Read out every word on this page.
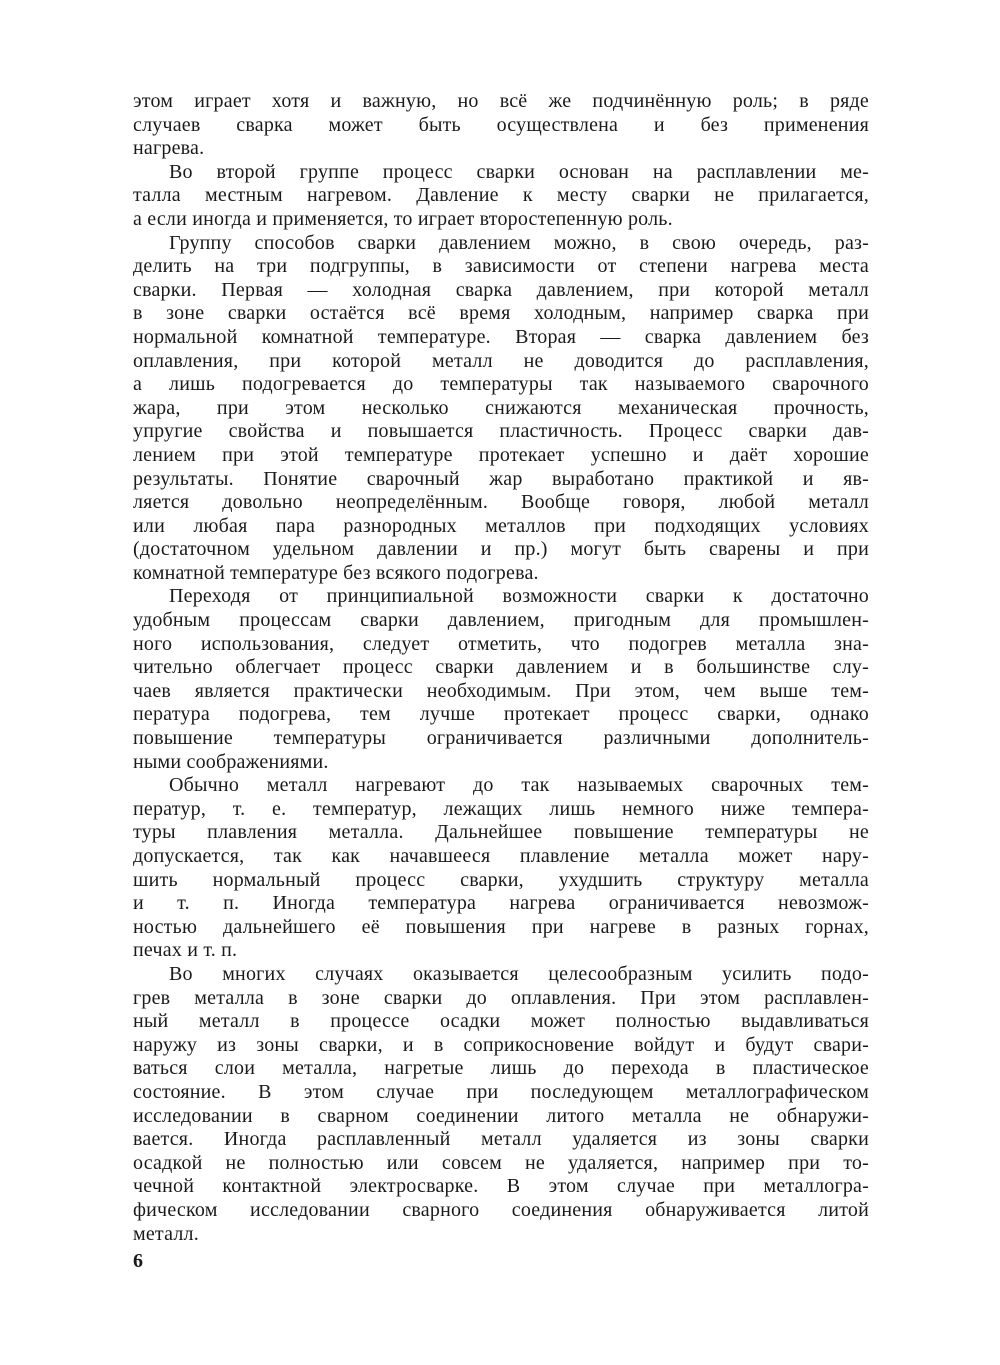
этом играет хотя и важную, но всё же подчинённую роль; в ряде
случаев сварка может быть осуществлена и без применения
нагрева.
Во второй группе процесс сварки основан на расплавлении ме-
талла местным нагревом. Давление к месту сварки не прилагается,
а если иногда и применяется, то играет второстепенную роль.
Группу способов сварки давлением можно, в свою очередь, раз-
делить на три подгруппы, в зависимости от степени нагрева места
сварки. Первая — холодная сварка давлением, при которой металл
в зоне сварки остаётся всё время холодным, например сварка при
нормальной комнатной температуре. Вторая — сварка давлением без
оплавления, при которой металл не доводится до расплавления,
а лишь подогревается до температуры так называемого сварочного
жара, при этом несколько снижаются механическая прочность,
упругие свойства и повышается пластичность. Процесс сварки дав-
лением при этой температуре протекает успешно и даёт хорошие
результаты. Понятие сварочный жар выработано практикой и яв-
ляется довольно неопределённым. Вообще говоря, любой металл
или любая пара разнородных металлов при подходящих условиях
(достаточном удельном давлении и пр.) могут быть сварены и при
комнатной температуре без всякого подогрева.
Переходя от принципиальной возможности сварки к достаточно
удобным процессам сварки давлением, пригодным для промышлен-
ного использования, следует отметить, что подогрев металла зна-
чительно облегчает процесс сварки давлением и в большинстве слу-
чаев является практически необходимым. При этом, чем выше тем-
пература подогрева, тем лучше протекает процесс сварки, однако
повышение температуры ограничивается различными дополнитель-
ными соображениями.
Обычно металл нагревают до так называемых сварочных тем-
ператур, т. е. температур, лежащих лишь немного ниже темпера-
туры плавления металла. Дальнейшее повышение температуры не
допускается, так как начавшееся плавление металла может нару-
шить нормальный процесс сварки, ухудшить структуру металла
и т. п. Иногда температура нагрева ограничивается невозмож-
ностью дальнейшего её повышения при нагреве в разных горнах,
печах и т. п.
Во многих случаях оказывается целесообразным усилить подо-
грев металла в зоне сварки до оплавления. При этом расплавлен-
ный металл в процессе осадки может полностью выдавливаться
наружу из зоны сварки, и в соприкосновение войдут и будут свари-
ваться слои металла, нагретые лишь до перехода в пластическое
состояние. В этом случае при последующем металлографическом
исследовании в сварном соединении литого металла не обнаружи-
вается. Иногда расплавленный металл удаляется из зоны сварки
осадкой не полностью или совсем не удаляется, например при то-
чечной контактной электросварке. В этом случае при металлогра-
фическом исследовании сварного соединения обнаруживается литой
металл.
6
